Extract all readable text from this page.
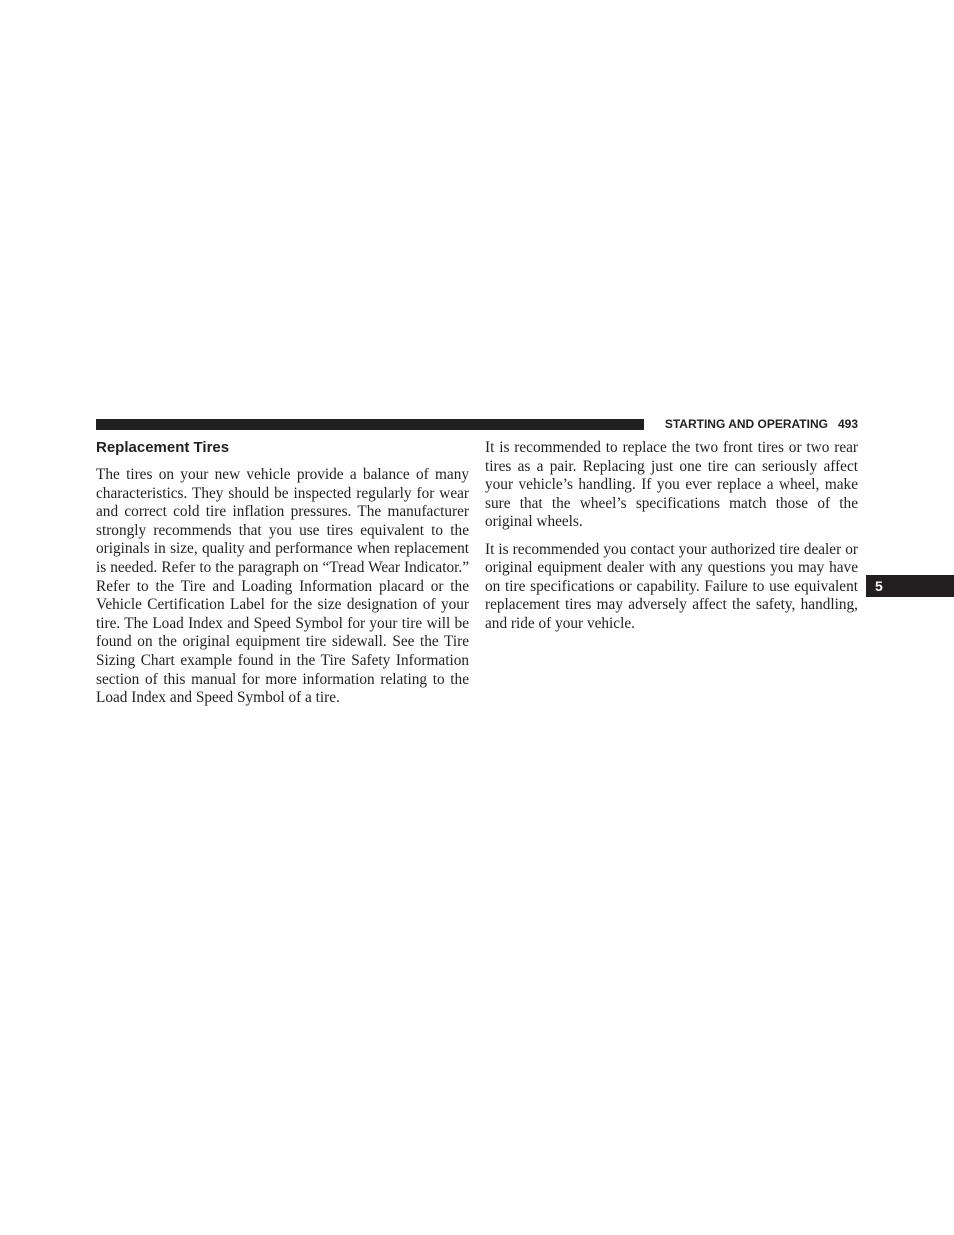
STARTING AND OPERATING 493
Replacement Tires

The tires on your new vehicle provide a balance of many characteristics. They should be inspected regularly for wear and correct cold tire inflation pressures. The manufacturer strongly recommends that you use tires equivalent to the originals in size, quality and performance when replacement is needed. Refer to the paragraph on “Tread Wear Indicator.” Refer to the Tire and Loading Information placard or the Vehicle Certification Label for the size designation of your tire. The Load Index and Speed Symbol for your tire will be found on the original equipment tire sidewall. See the Tire Sizing Chart example found in the Tire Safety Information section of this manual for more information relating to the Load Index and Speed Symbol of a tire.

It is recommended to replace the two front tires or two rear tires as a pair. Replacing just one tire can seriously affect your vehicle’s handling. If you ever replace a wheel, make sure that the wheel’s specifications match those of the original wheels.

It is recommended you contact your authorized tire dealer or original equipment dealer with any questions you may have on tire specifications or capability. Failure to use equivalent replacement tires may adversely affect the safety, handling, and ride of your vehicle.

5
